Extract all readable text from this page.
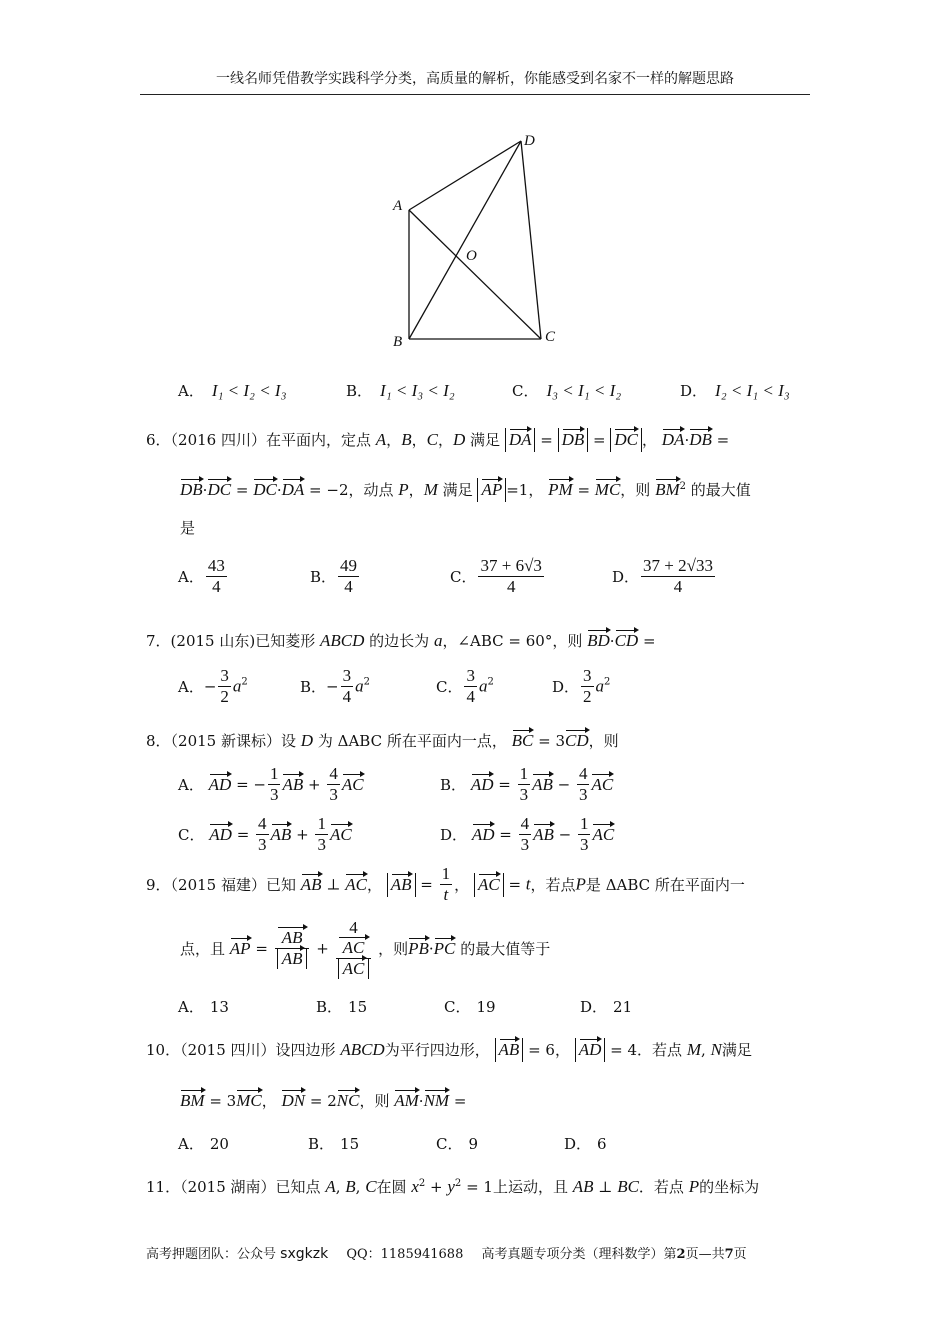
一线名师凭借教学实践科学分类，高质量的解析，你能感受到名家不一样的解题思路
A
B	C
D
O
A． I₁ < I₂ < I₃	B． I₁ < I₃ < I₂	C． I₃ < I₁ < I₂	D． I₂ < I₁ < I₃
6．（2016 四川）在平面内，定点 A，B，C，D 满足 DA = DB = DC ， DA·DB =
DB·DC = DC·DA = −2，动点 P，M 满足 AP =1， PM = MC，则 $BM^2$ 的最大值
是
A． $\frac{43}{4}$	B． $\frac{49}{4}$	C． $\frac{37 + 6√3}{4}$	D． $\frac{37 + 2√33}{4}$
7．(2015 山东)已知菱形 ABCD 的边长为 a，∠ABC = 60°，则 BD·CD =
A．− $\frac{3}{2} a^2$	B．− $\frac{3}{4} a^2$	C． $\frac{3}{4} a^2$	D． $\frac{3}{2} a^2$
8．（2015 新课标）设 D 为 ΔABC 所在平面内一点， BC = 3CD，则
A． AD = − $\frac{1}{3}$ AB + $\frac{4}{3}$ AC	B． AD = $\frac{1}{3}$ AB − $\frac{4}{3}$ AC
C． AD = $\frac{4}{3}$ AB + $\frac{1}{3}$ AC	D． AD = $\frac{4}{3}$ AB − $\frac{1}{3}$ AC
9．（2015 福建）已知 AB ⊥ AC， AB = $\frac{1}{t}$ ， AC = t，若点P是 ΔABC 所在平面内一
点，且 AP = $\frac{AB}{AB} + 4$
AC
AC ，则PB·PC 的最大值等于
A． 13	B． 15	C． 19	D． 21
10．（2015 四川）设四边形 ABCD为平行四边形， AB = 6， AD = 4．若点 M, N满足
BM = 3MC， DN = 2NC，则 AM·NM =
A． 20	B． 15	C． 9	D． 6
11．（2015 湖南）已知点 A, B, C在圆 $x^2 + y^2 = 1$上运动，且 AB ⊥ BC．若点 P的坐标为
高考押题团队：公众号 sxgkzk QQ：1185941688 高考真题专项分类（理科数学）第2页—共7页
